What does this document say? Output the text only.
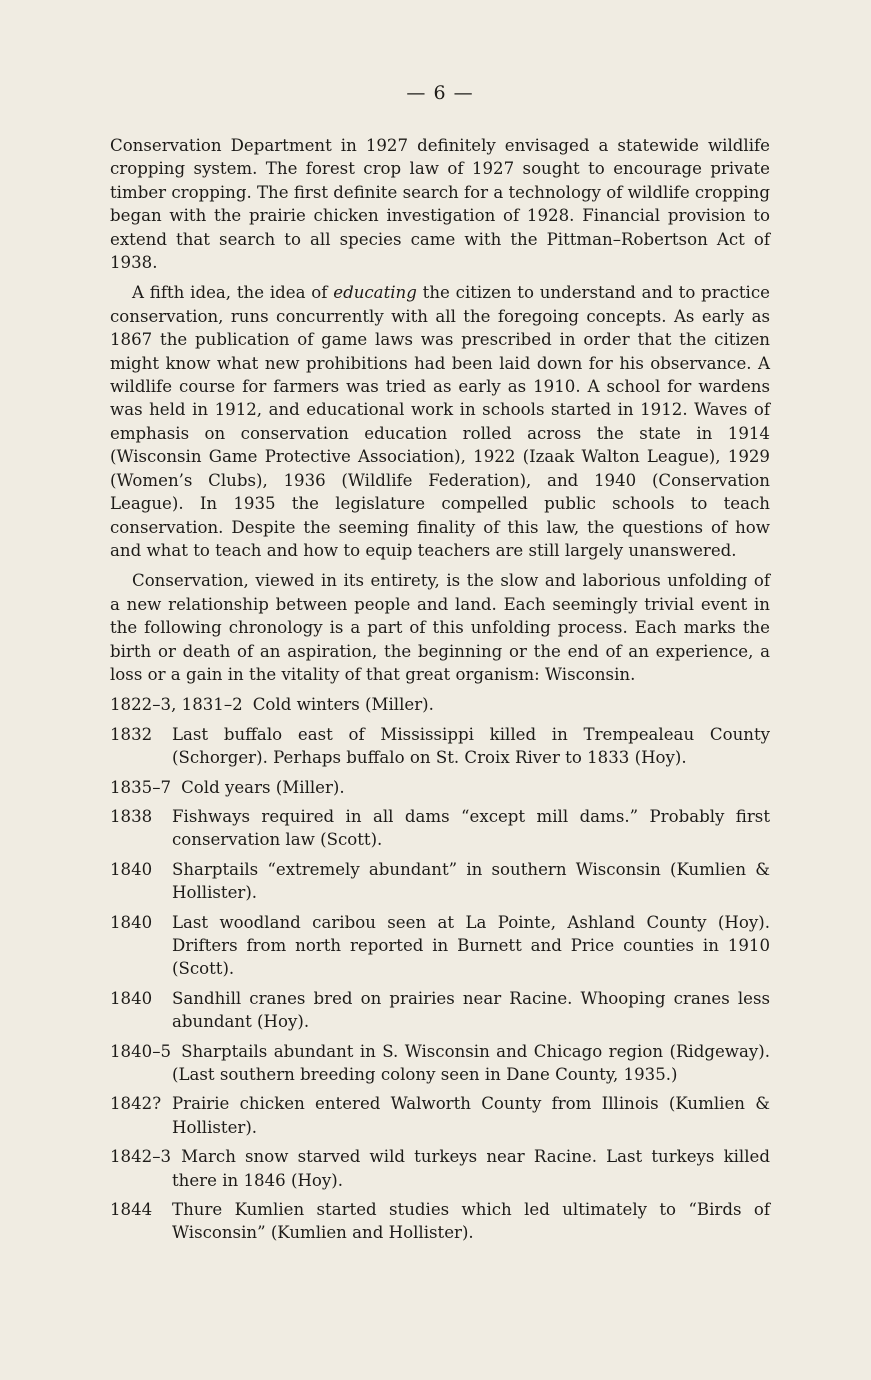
— 6 —

Conservation Department in 1927 definitely envisaged a statewide wildlife cropping system. The forest crop law of 1927 sought to encourage private timber cropping. The first definite search for a technology of wildlife cropping began with the prairie chicken investigation of 1928. Financial provision to extend that search to all species came with the Pittman–Robertson Act of 1938.

A fifth idea, the idea of educating the citizen to understand and to practice conservation, runs concurrently with all the foregoing concepts. As early as 1867 the publication of game laws was prescribed in order that the citizen might know what new prohibitions had been laid down for his observance. A wildlife course for farmers was tried as early as 1910. A school for wardens was held in 1912, and educational work in schools started in 1912. Waves of emphasis on conservation education rolled across the state in 1914 (Wisconsin Game Protective Association), 1922 (Izaak Walton League), 1929 (Women’s Clubs), 1936 (Wildlife Federation), and 1940 (Conservation League). In 1935 the legislature compelled public schools to teach conservation. Despite the seeming finality of this law, the questions of how and what to teach and how to equip teachers are still largely unanswered.

Conservation, viewed in its entirety, is the slow and laborious unfolding of a new relationship between people and land. Each seemingly trivial event in the following chronology is a part of this unfolding process. Each marks the birth or death of an aspiration, the beginning or the end of an experience, a loss or a gain in the vitality of that great organism: Wisconsin.

1822–3, 1831–2 Cold winters (Miller).
1832 Last buffalo east of Mississippi killed in Trempealeau County (Schorger). Perhaps buffalo on St. Croix River to 1833 (Hoy).
1835–7 Cold years (Miller).
1838 Fishways required in all dams “except mill dams.” Probably first conservation law (Scott).
1840 Sharptails “extremely abundant” in southern Wisconsin (Kumlien & Hollister).
1840 Last woodland caribou seen at La Pointe, Ashland County (Hoy). Drifters from north reported in Burnett and Price counties in 1910 (Scott).
1840 Sandhill cranes bred on prairies near Racine. Whooping cranes less abundant (Hoy).
1840–5 Sharptails abundant in S. Wisconsin and Chicago region (Ridgeway). (Last southern breeding colony seen in Dane County, 1935.)
1842? Prairie chicken entered Walworth County from Illinois (Kumlien & Hollister).
1842–3 March snow starved wild turkeys near Racine. Last turkeys killed there in 1846 (Hoy).
1844 Thure Kumlien started studies which led ultimately to “Birds of Wisconsin” (Kumlien and Hollister).
